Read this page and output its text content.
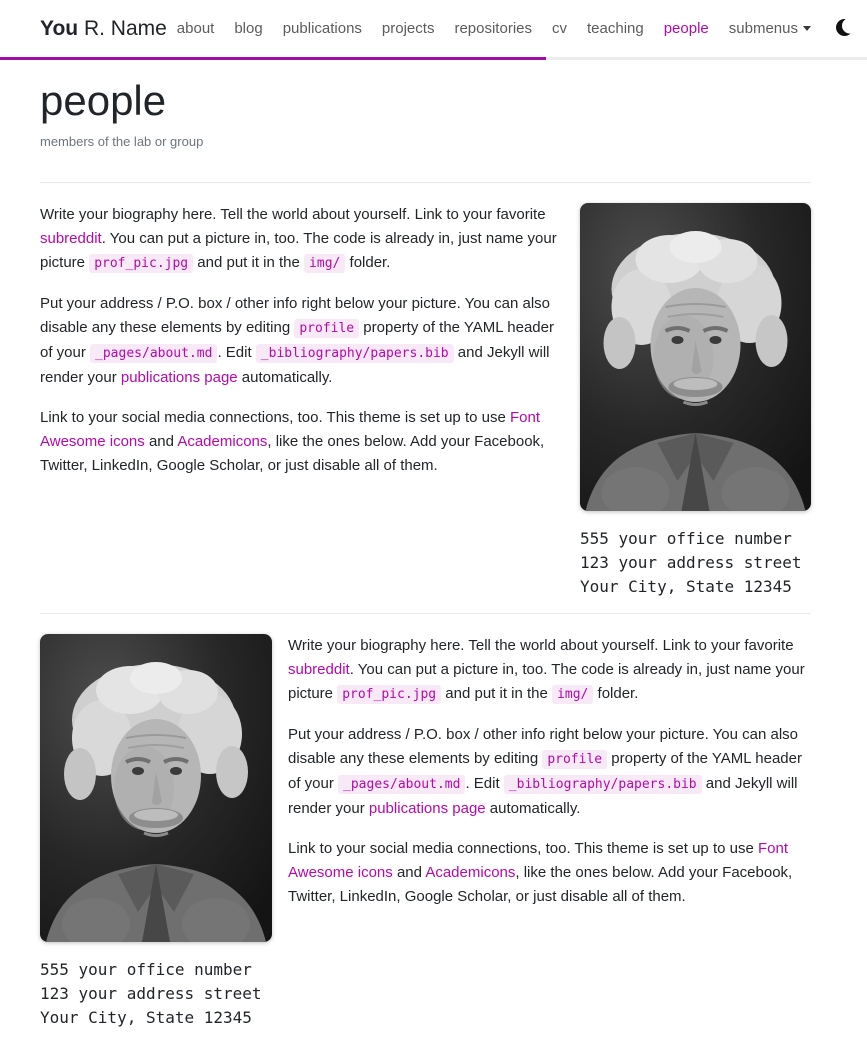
You R. Name about	blog	publications	projects	repositories	cv	teaching	people	submenus
people

members of the lab or group

555 your office number
123 your address street
Your City, State 12345

Write your biography here. Tell the world about yourself. Link to your favorite subreddit. You can put a picture in, too. The code is already in, just name your picture prof_pic.jpg and put it in the img/ folder.

Put your address / P.O. box / other info right below your picture. You can also disable any these elements by editing profile property of the YAML header of your _pages/about.md . Edit _bibliography/papers.bib and Jekyll will render your publications page automatically.

Link to your social media connections, too. This theme is set up to use Font Awesome icons and Academicons, like the ones below. Add your Facebook, Twitter, LinkedIn, Google Scholar, or just disable all of them.

555 your office number
123 your address street
Your City, State 12345

Write your biography here. Tell the world about yourself. Link to your favorite subreddit. You can put a picture in, too. The code is already in, just name your picture prof_pic.jpg and put it in the img/ folder.

Put your address / P.O. box / other info right below your picture. You can also disable any these elements by editing profile property of the YAML header of your _pages/about.md . Edit _bibliography/papers.bib and Jekyll will render your publications page automatically.

Link to your social media connections, too. This theme is set up to use Font Awesome icons and Academicons, like the ones below. Add your Facebook, Twitter, LinkedIn, Google Scholar, or just disable all of them.
